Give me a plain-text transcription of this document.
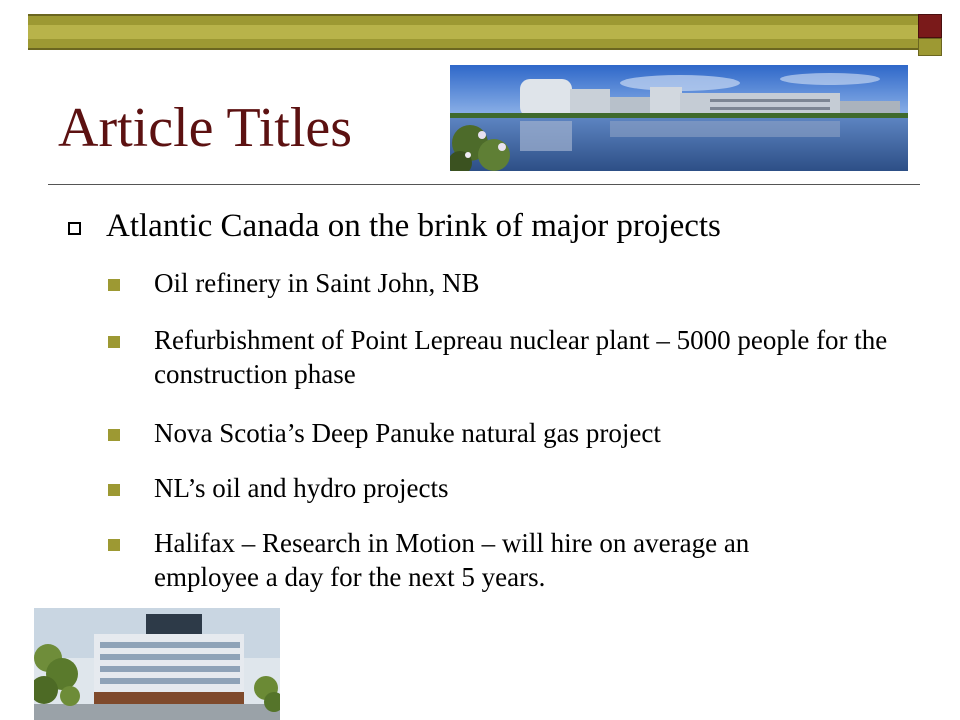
Article Titles
Atlantic Canada on the brink of major projects
Oil refinery in Saint John, NB
Refurbishment of Point Lepreau nuclear plant – 5000 people for the construction phase
Nova Scotia’s Deep Panuke natural gas project
NL’s oil and hydro projects
Halifax – Research in Motion – will hire on average an employee a day for the next 5 years.
